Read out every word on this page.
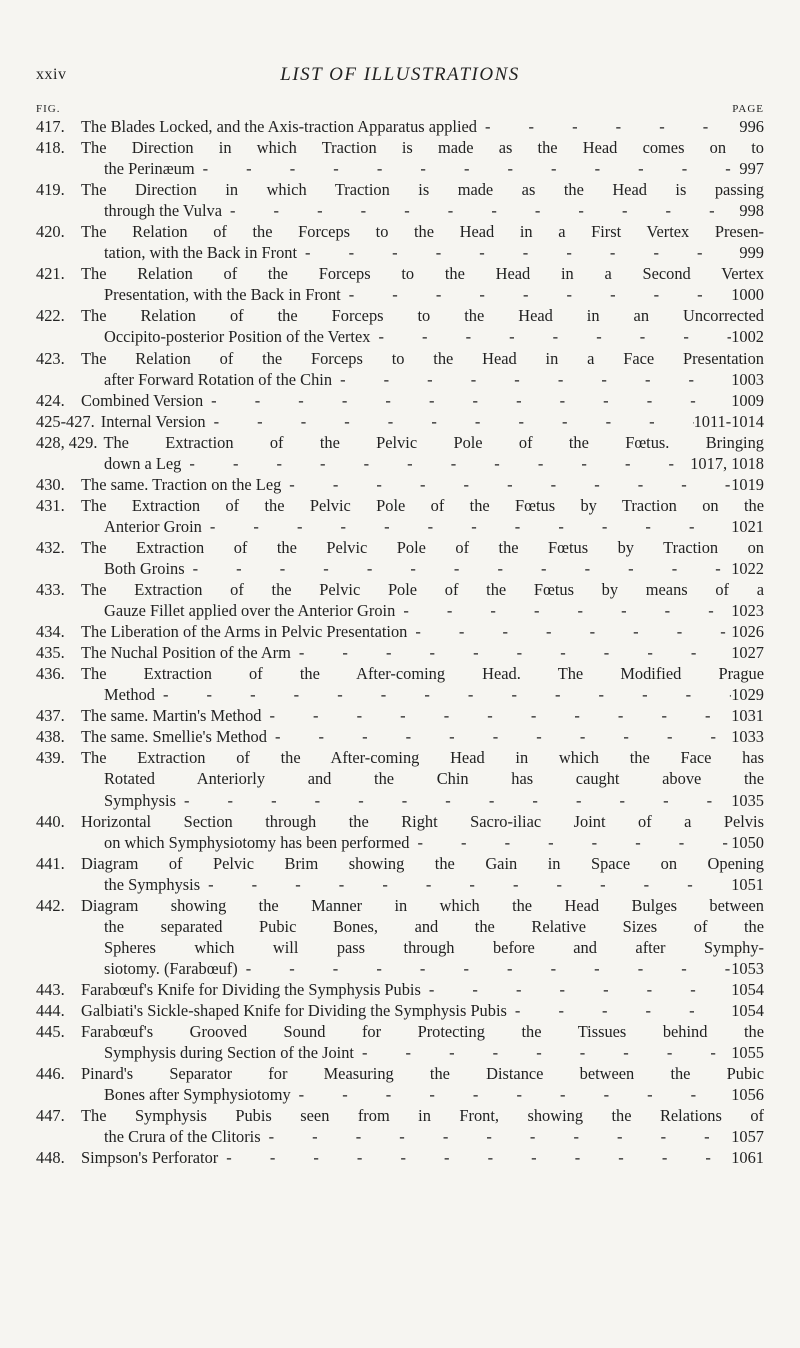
xxiv	LIST OF ILLUSTRATIONS
FIG.	PAGE
417. The Blades Locked, and the Axis-traction Apparatus applied - - -	996
418. The Direction in which Traction is made as the Head comes on to
the Perinæum - - -	997
419. The Direction in which Traction is made as the Head is passing
through the Vulva - - -	998
420. The Relation of the Forceps to the Head in a First Vertex Presen-
tation, with the Back in Front - - -	999
421. The Relation of the Forceps to the Head in a Second Vertex
Presentation, with the Back in Front - - -	1000
422. The Relation of the Forceps to the Head in an Uncorrected
Occipito-posterior Position of the Vertex - - -	1002
423. The Relation of the Forceps to the Head in a Face Presentation
after Forward Rotation of the Chin - - -	1003
424. Combined Version - - -	1009
425-427. Internal Version - - -	1011-1014
428, 429. The Extraction of the Pelvic Pole of the Fœtus. Bringing
down a Leg - - -	1017, 1018
430. The same. Traction on the Leg - - -	1019
431. The Extraction of the Pelvic Pole of the Fœtus by Traction on the
Anterior Groin - - -	1021
432. The Extraction of the Pelvic Pole of the Fœtus by Traction on
Both Groins - - -	1022
433. The Extraction of the Pelvic Pole of the Fœtus by means of a
Gauze Fillet applied over the Anterior Groin - - -	1023
434. The Liberation of the Arms in Pelvic Presentation - - -	1026
435. The Nuchal Position of the Arm - - -	1027
436. The Extraction of the After-coming Head. The Modified Prague
Method - - -	1029
437. The same. Martin's Method - - -	1031
438. The same. Smellie's Method - - -	1033
439. The Extraction of the After-coming Head in which the Face has
Rotated Anteriorly and the Chin has caught above the
Symphysis - - -	1035
440. Horizontal Section through the Right Sacro-iliac Joint of a Pelvis
on which Symphysiotomy has been performed - - -	1050
441. Diagram of Pelvic Brim showing the Gain in Space on Opening
the Symphysis - - -	1051
442. Diagram showing the Manner in which the Head Bulges between
the separated Pubic Bones, and the Relative Sizes of the
Spheres which will pass through before and after Symphy-
siotomy. (Farabœuf) - - -	1053
443. Farabœuf's Knife for Dividing the Symphysis Pubis - - -	1054
444. Galbiati's Sickle-shaped Knife for Dividing the Symphysis Pubis - - -	1054
445. Farabœuf's Grooved Sound for Protecting the Tissues behind the
Symphysis during Section of the Joint - - -	1055
446. Pinard's Separator for Measuring the Distance between the Pubic
Bones after Symphysiotomy - - -	1056
447. The Symphysis Pubis seen from in Front, showing the Relations of
the Crura of the Clitoris - - -	1057
448. Simpson's Perforator - - -	1061
